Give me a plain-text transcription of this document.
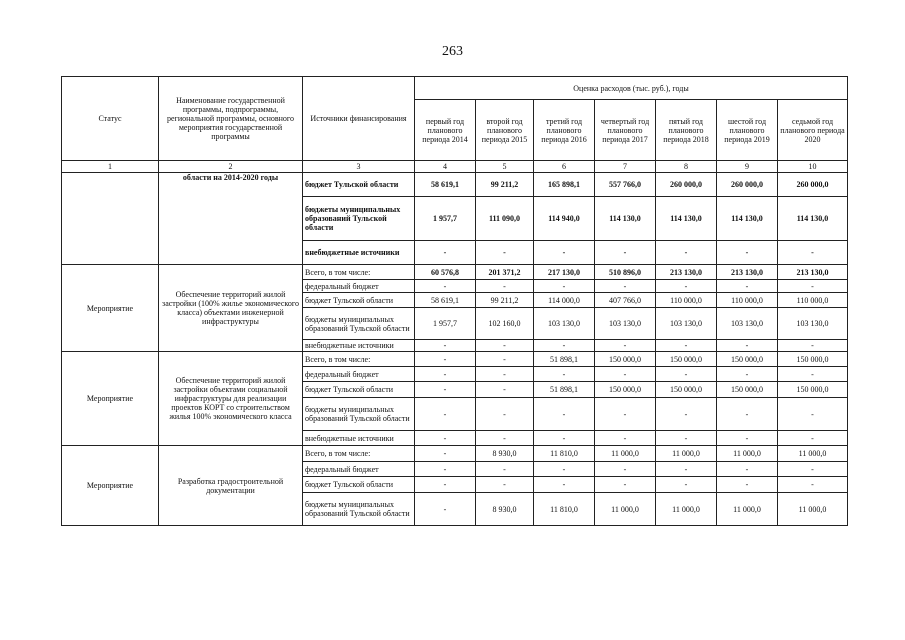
263
Статус	Наименование государственной программы, подпрограммы, региональной программы, основного мероприятия государственной программы	Источники финансирования	Оценка расходов (тыс. руб.), годы						
			первый год планового периода 2014	второй год планового периода 2015	третий год планового периода 2016	четвертый год планового периода 2017	пятый год планового периода 2018	шестой год планового периода 2019	седьмой год планового периода 2020
1	2	3	4	5	6	7	8	9	10
	области на 2014-2020 годы	бюджет Тульской области	58 619,1	99 211,2	165 898,1	557 766,0	260 000,0	260 000,0	260 000,0
		бюджеты муниципальных образований Тульской области	1 957,7	111 090,0	114 940,0	114 130,0	114 130,0	114 130,0	114 130,0
		внебюджетные источники	-	-	-	-	-	-	-
Мероприятие	Обеспечение территорий жилой застройки (100% жилье экономического класса) объектами инженерной инфраструктуры	Всего, в том числе:	60 576,8	201 371,2	217 130,0	510 896,0	213 130,0	213 130,0	213 130,0
		федеральный бюджет	-	-	-	-	-	-	-
		бюджет Тульской области	58 619,1	99 211,2	114 000,0	407 766,0	110 000,0	110 000,0	110 000,0
		бюджеты муниципальных образований Тульской области	1 957,7	102 160,0	103 130,0	103 130,0	103 130,0	103 130,0	103 130,0
		внебюджетные источники	-	-	-	-	-	-	-
Мероприятие	Обеспечение территорий жилой застройки объектами социальной инфраструктуры для реализации проектов КОРТ со строительством жилья 100% экономического класса	Всего, в том числе:	-	-	51 898,1	150 000,0	150 000,0	150 000,0	150 000,0
		федеральный бюджет	-	-	-	-	-	-	-
		бюджет Тульской области	-	-	51 898,1	150 000,0	150 000,0	150 000,0	150 000,0
		бюджеты муниципальных образований Тульской области	-	-	-	-	-	-	-
		внебюджетные источники	-	-	-	-	-	-	-
Мероприятие	Разработка градостроительной документации	Всего, в том числе:	-	8 930,0	11 810,0	11 000,0	11 000,0	11 000,0	11 000,0
		федеральный бюджет	-	-	-	-	-	-	-
		бюджет Тульской области	-	-	-	-	-	-	-
		бюджеты муниципальных образований Тульской области	-	8 930,0	11 810,0	11 000,0	11 000,0	11 000,0	11 000,0
